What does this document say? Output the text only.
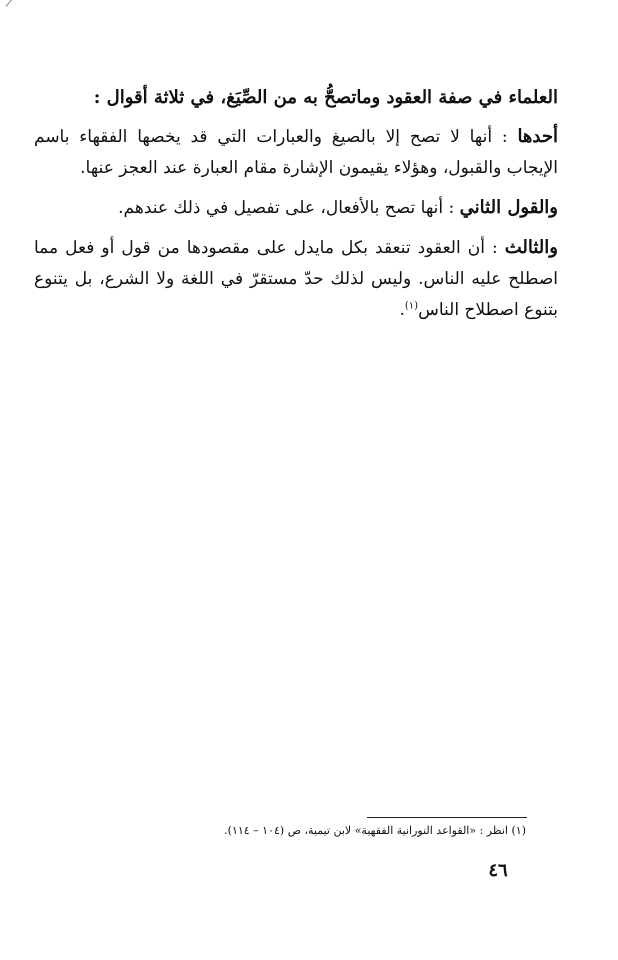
العلماء في صفة العقود وماتصحُّ به من الصِّيَغ، في ثلاثة أقوال :

أحدها : أنها لا تصح إلا بالصيغ والعبارات التي قد يخصها الفقهاء باسم الإيجاب والقبول، وهؤلاء يقيمون الإشارة مقام العبارة عند العجز عنها.

والقول الثاني : أنها تصح بالأفعال، على تفصيل في ذلك عندهم.

والثالث : أن العقود تنعقد بكل مايدل على مقصودها من قول أو فعل مما اصطلح عليه الناس. وليس لذلك حدّ مستقرّ في اللغة ولا الشرع، بل يتنوع بتنوع اصطلاح الناس$^{(١)}$.

(١) انظر : «القواعد النورانية الفقهية» لابن تيمية، ص (١٠٤ – ١١٤).
٤٦
